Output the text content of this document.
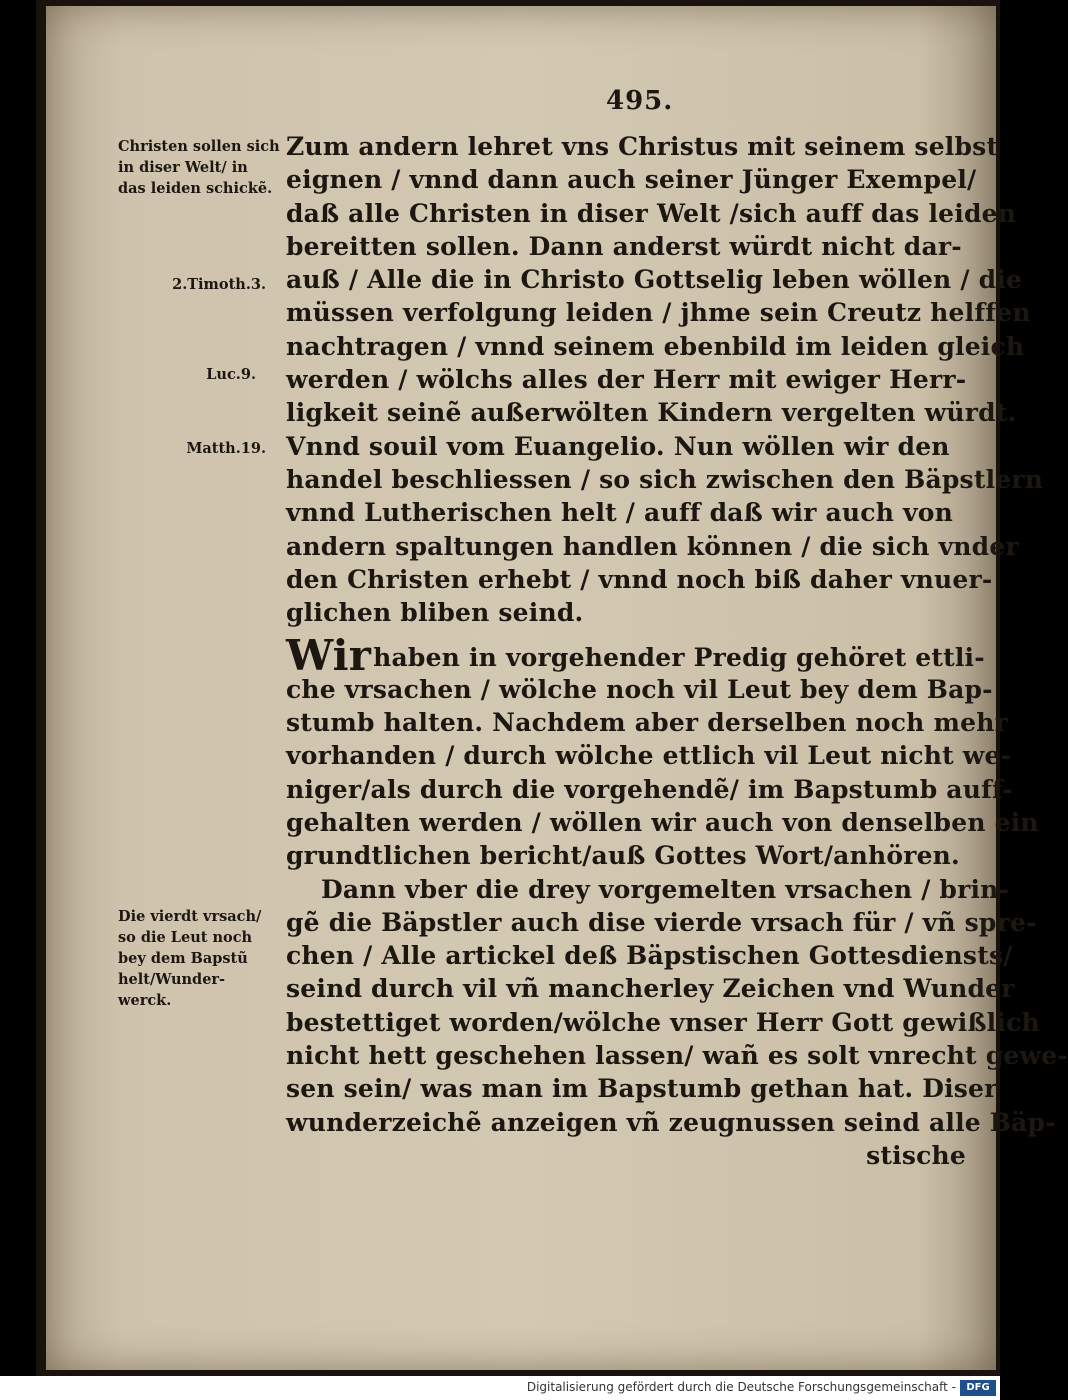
495.
Christen sollen sich
in diser Welt/ in
das leiden schickẽ.
2.Timoth.3.
Luc.9.
Matth.19.
Die vierdt vrsach/
so die Leut noch
bey dem Bapstũ
helt/Wunder-
werck.
Zum andern lehret vns Christus mit seinem selbst
eignen / vnnd dann auch seiner Jünger Exempel/
daß alle Christen in diser Welt /sich auff das leiden
bereitten sollen. Dann anderst würdt nicht dar-
auß / Alle die in Christo Gottselig leben wöllen / die
müssen verfolgung leiden / jhme sein Creutz helffen
nachtragen / vnnd seinem ebenbild im leiden gleich
werden / wölchs alles der Herr mit ewiger Herr-
ligkeit seinẽ außerwölten Kindern vergelten würdt.
Vnnd souil vom Euangelio. Nun wöllen wir den
handel beschliessen / so sich zwischen den Bäpstlern
vnnd Lutherischen helt / auff daß wir auch von
andern spaltungen handlen können / die sich vnder
den Christen erhebt / vnnd noch biß daher vnuer-
glichen bliben seind.
Wirhaben in vorgehender Predig gehöret ettli-
che vrsachen / wölche noch vil Leut bey dem Bap-
stumb halten. Nachdem aber derselben noch mehr
vorhanden / durch wölche ettlich vil Leut nicht we-
niger/als durch die vorgehendẽ/ im Bapstumb auff-
gehalten werden / wöllen wir auch von denselben ein
grundtlichen bericht/auß Gottes Wort/anhören.
Dann vber die drey vorgemelten vrsachen / brin-
gẽ die Bäpstler auch dise vierde vrsach für / vñ spre-
chen / Alle artickel deß Bäpstischen Gottesdiensts/
seind durch vil vñ mancherley Zeichen vnd Wunder
bestettiget worden/wölche vnser Herr Gott gewißlich
nicht hett geschehen lassen/ wañ es solt vnrecht gewe-
sen sein/ was man im Bapstumb gethan hat. Diser
wunderzeichẽ anzeigen vñ zeugnussen seind alle Bäp-
stische
Digitalisierung gefördert durch die Deutsche Forschungsgemeinschaft -	DFG
